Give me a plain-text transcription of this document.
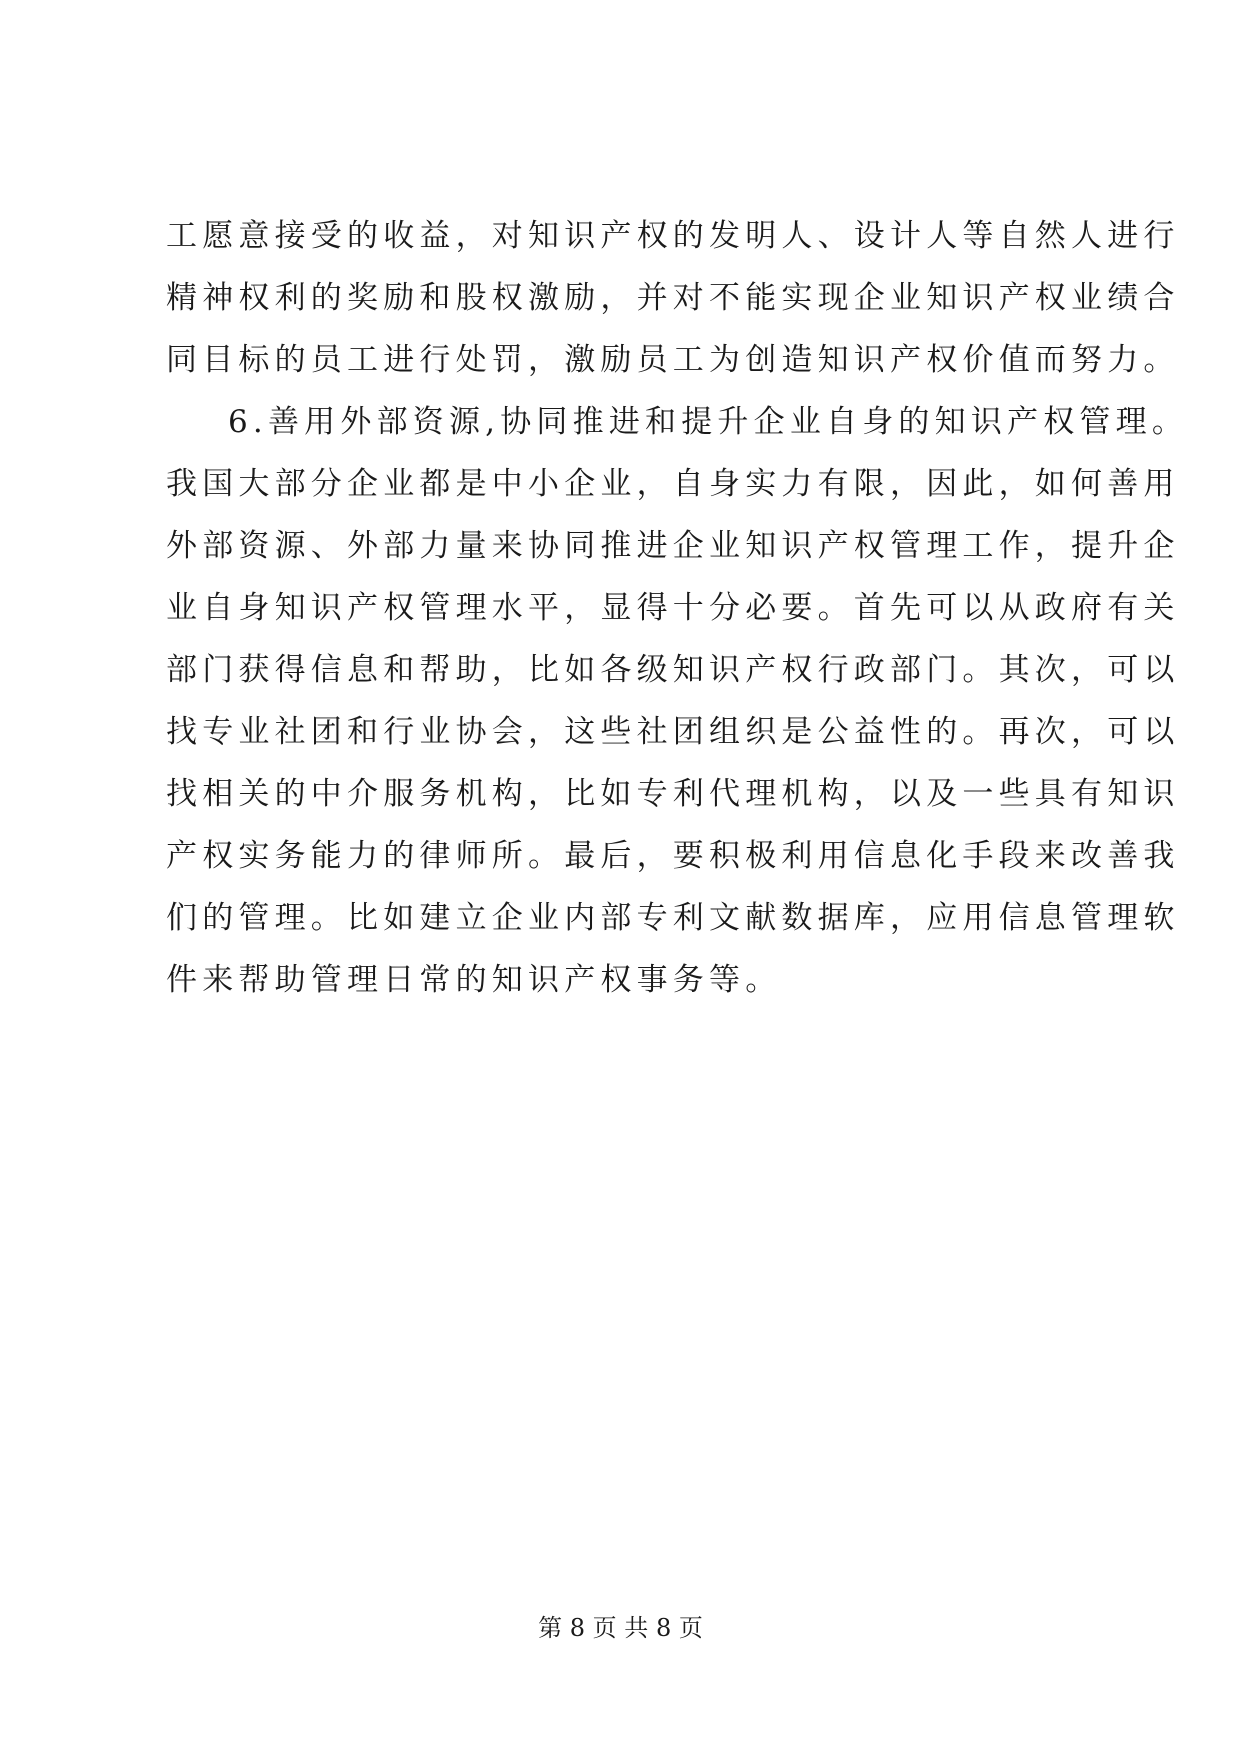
工愿意接受的收益，对知识产权的发明人、设计人等自然人进行
精神权利的奖励和股权激励，并对不能实现企业知识产权业绩合
同目标的员工进行处罚，激励员工为创造知识产权价值而努力。
6.善用外部资源,协同推进和提升企业自身的知识产权管理。
我国大部分企业都是中小企业，自身实力有限，因此，如何善用
外部资源、外部力量来协同推进企业知识产权管理工作，提升企
业自身知识产权管理水平，显得十分必要。首先可以从政府有关
部门获得信息和帮助，比如各级知识产权行政部门。其次，可以
找专业社团和行业协会，这些社团组织是公益性的。再次，可以
找相关的中介服务机构，比如专利代理机构，以及一些具有知识
产权实务能力的律师所。最后，要积极利用信息化手段来改善我
们的管理。比如建立企业内部专利文献数据库，应用信息管理软
件来帮助管理日常的知识产权事务等。
第 8 页 共 8 页
